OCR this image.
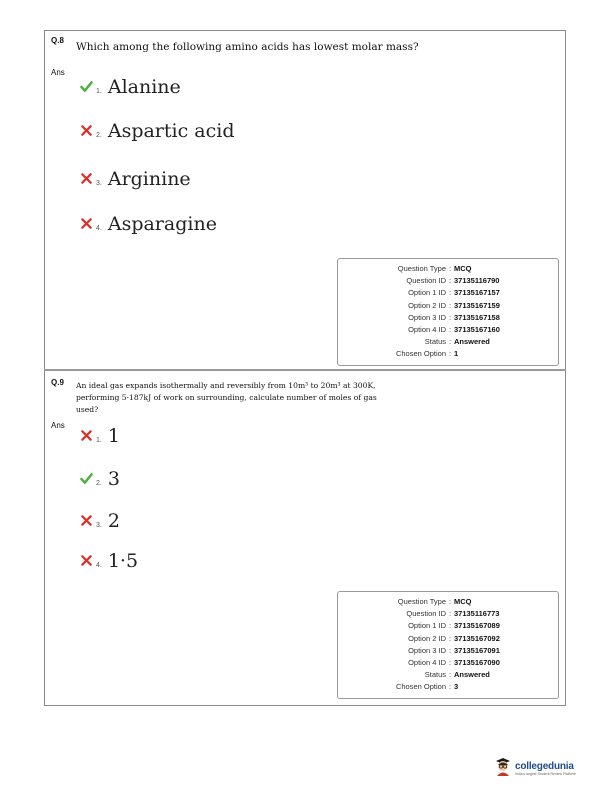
Q.8
Which among the following amino acids has lowest molar mass?
Ans
1. Alanine
2. Aspartic acid
3. Arginine
4. Asparagine
Question Type : MCQ
Question ID : 37135116790
Option 1 ID : 37135167157
Option 2 ID : 37135167159
Option 3 ID : 37135167158
Option 4 ID : 37135167160
Status : Answered
Chosen Option : 1
Q.9 An ideal gas expands isothermally and reversibly from 10m³ to 20m³ at 300K,
performing 5·187kJ of work on surrounding, calculate number of moles of gas
used?
Ans
1. 1
2. 3
3. 2
4. 1·5
Question Type : MCQ
Question ID : 37135116773
Option 1 ID : 37135167089
Option 2 ID : 37135167092
Option 3 ID : 37135167091
Option 4 ID : 37135167090
Status : Answered
Chosen Option : 3
collegedunia
India's largest Student Review Platform
